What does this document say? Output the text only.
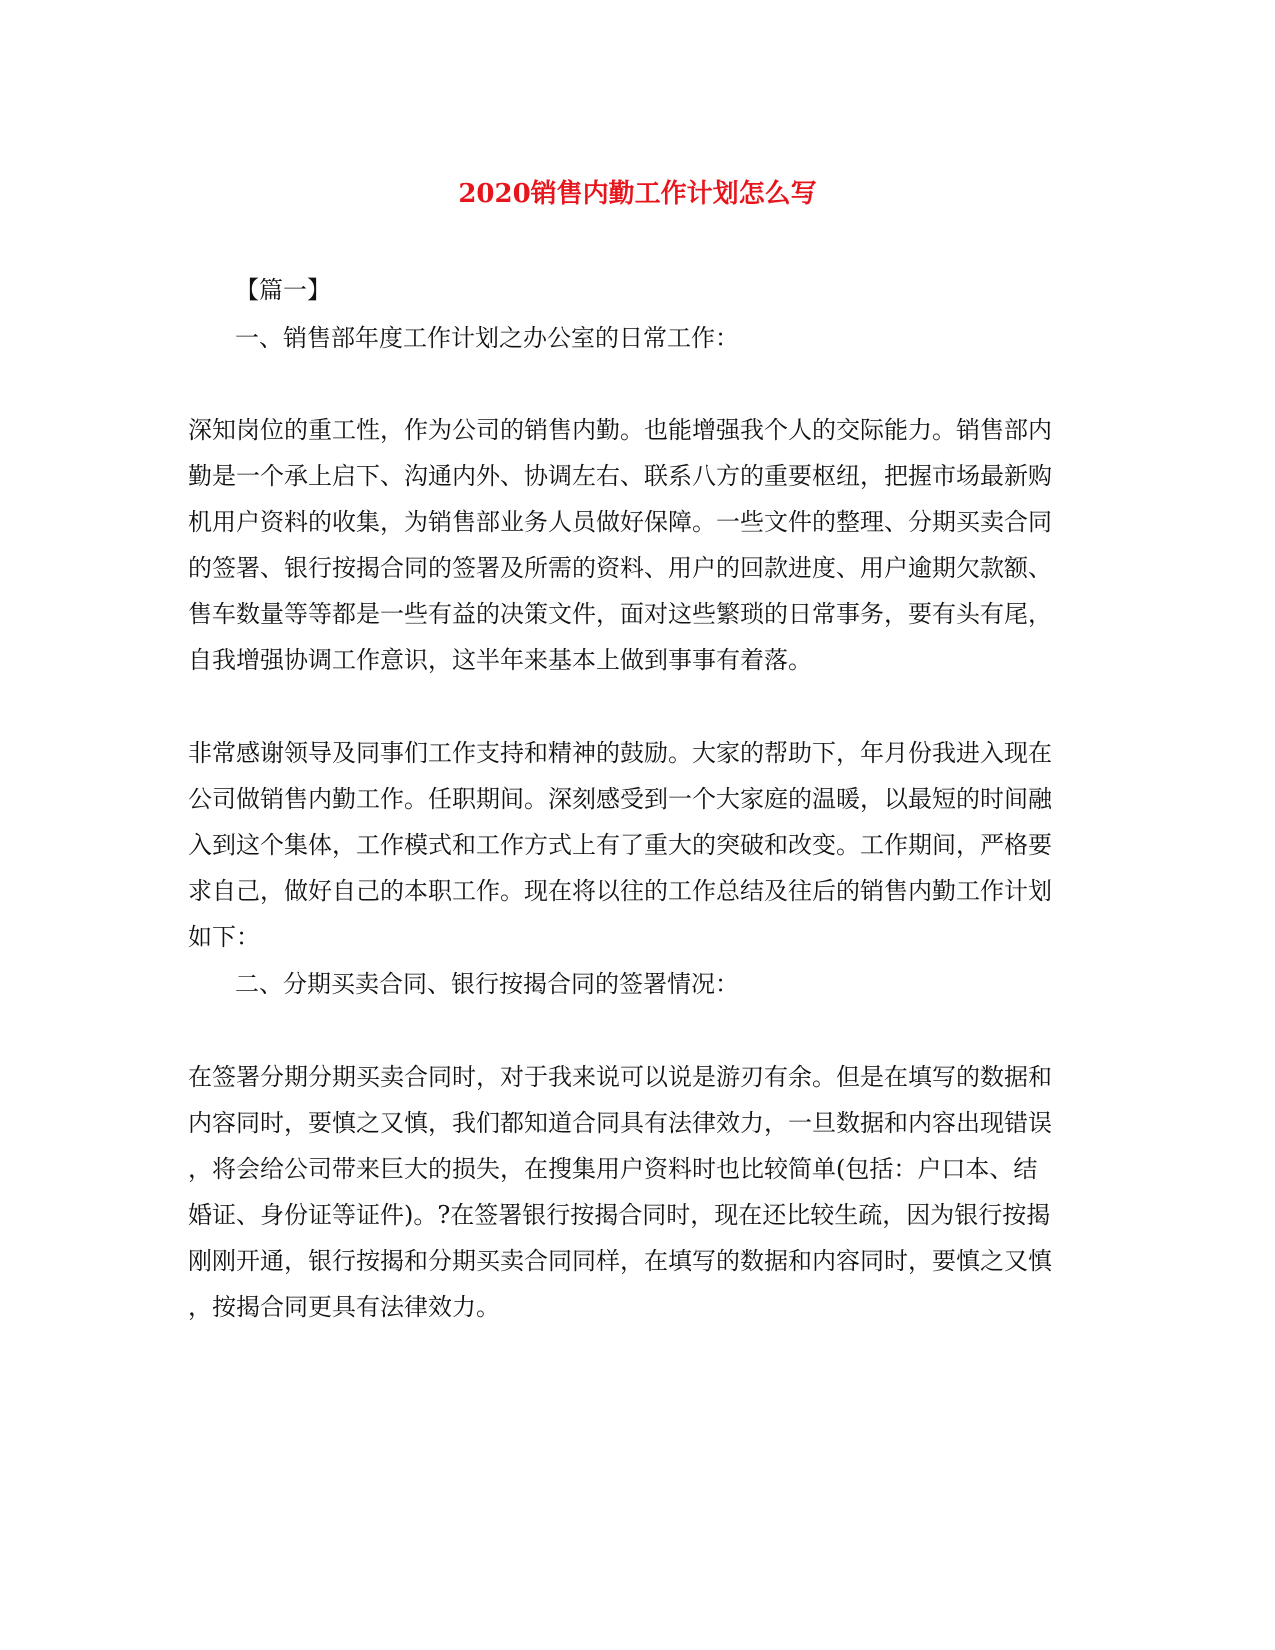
2020销售内勤工作计划怎么写
【篇一】
一、销售部年度工作计划之办公室的日常工作：
深知岗位的重工性，作为公司的销售内勤。也能增强我个人的交际能力。销售部内
勤是一个承上启下、沟通内外、协调左右、联系八方的重要枢纽，把握市场最新购
机用户资料的收集，为销售部业务人员做好保障。一些文件的整理、分期买卖合同
的签署、银行按揭合同的签署及所需的资料、用户的回款进度、用户逾期欠款额、
售车数量等等都是一些有益的决策文件，面对这些繁琐的日常事务，要有头有尾，
自我增强协调工作意识，这半年来基本上做到事事有着落。
非常感谢领导及同事们工作支持和精神的鼓励。大家的帮助下，年月份我进入现在
公司做销售内勤工作。任职期间。深刻感受到一个大家庭的温暖，以最短的时间融
入到这个集体，工作模式和工作方式上有了重大的突破和改变。工作期间，严格要
求自己，做好自己的本职工作。现在将以往的工作总结及往后的销售内勤工作计划
如下：
二、分期买卖合同、银行按揭合同的签署情况：
在签署分期分期买卖合同时，对于我来说可以说是游刃有余。但是在填写的数据和
内容同时，要慎之又慎，我们都知道合同具有法律效力，一旦数据和内容出现错误
，将会给公司带来巨大的损失，在搜集用户资料时也比较简单(包括：户口本、结
婚证、身份证等证件)。?在签署银行按揭合同时，现在还比较生疏，因为银行按揭
刚刚开通，银行按揭和分期买卖合同同样，在填写的数据和内容同时，要慎之又慎
，按揭合同更具有法律效力。
